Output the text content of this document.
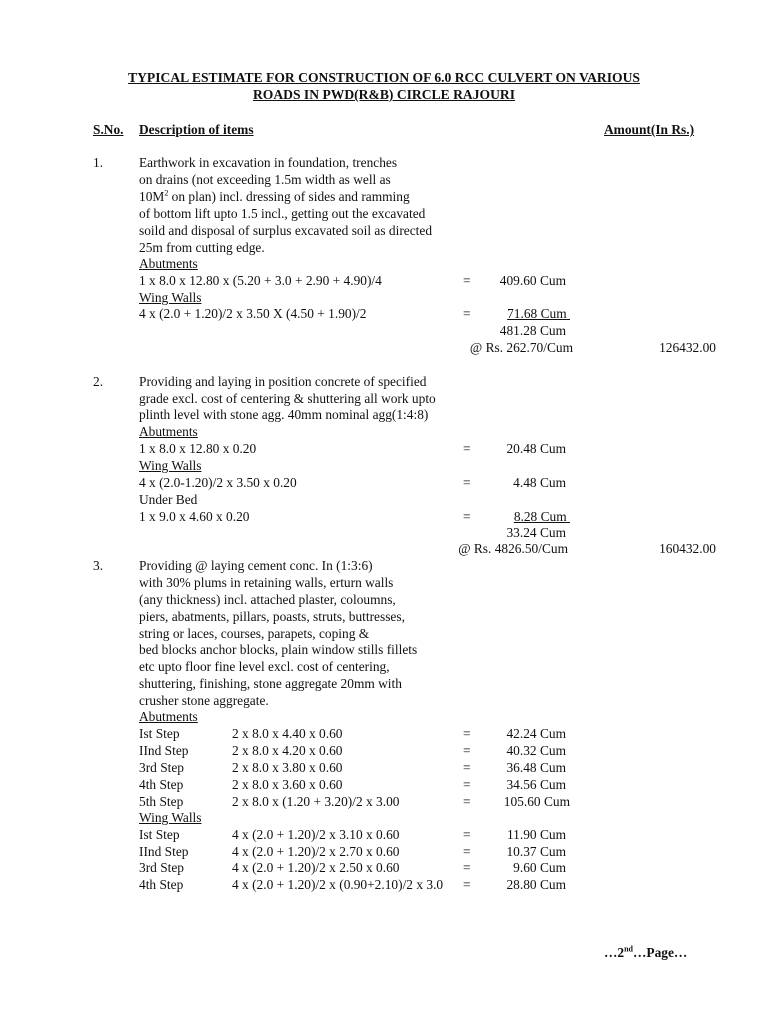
TYPICAL ESTIMATE FOR CONSTRUCTION OF 6.0 RCC CULVERT ON VARIOUS
ROADS IN PWD(R&B) CIRCLE RAJOURI
S.No. Description of items	Amount(In Rs.)
1.	Earthwork in excavation in foundation, trenches
on drains (not exceeding 1.5m width as well as
$10M^2$ on plan) incl. dressing of sides and ramming
of bottom lift upto 1.5 incl., getting out the excavated
soild and disposal of surplus excavated soil as directed
25m from cutting edge.
Abutments
1 x 8.0 x 12.80 x (5.20 + 3.0 + 2.90 + 4.90)/4	=	409.60 Cum
Wing Walls
4 x (2.0 + 1.20)/2 x 3.50 X (4.50 + 1.90)/2	=	71.68 Cum
481.28 Cum
@ Rs. 262.70/Cum	126432.00
2.	Providing and laying in position concrete of specified
grade excl. cost of centering & shuttering all work upto
plinth level with stone agg. 40mm nominal agg(1:4:8)
Abutments
1 x 8.0 x 12.80 x 0.20	=	20.48 Cum
Wing Walls
4 x (2.0-1.20)/2 x 3.50 x 0.20	=	4.48 Cum
Under Bed
1 x 9.0 x 4.60 x 0.20	=	8.28 Cum
33.24 Cum
@ Rs. 4826.50/Cum	160432.00
3.	Providing @ laying cement conc. In (1:3:6)
with 30% plums in retaining walls, erturn walls
(any thickness) incl. attached plaster, coloumns,
piers, abatments, pillars, poasts, struts, buttresses,
string or laces, courses, parapets, coping &
bed blocks anchor blocks, plain window stills fillets
etc upto floor fine level excl. cost of centering,
shuttering, finishing, stone aggregate 20mm with
crusher stone aggregate.
Abutments
Ist Step	2 x 8.0 x 4.40 x 0.60	=	42.24 Cum
IInd Step	2 x 8.0 x 4.20 x 0.60	=	40.32 Cum
3rd Step	2 x 8.0 x 3.80 x 0.60	=	36.48 Cum
4th Step	2 x 8.0 x 3.60 x 0.60	=	34.56 Cum
5th Step	2 x 8.0 x (1.20 + 3.20)/2 x 3.00	=	105.60 Cum
Wing Walls
Ist Step	4 x (2.0 + 1.20)/2 x 3.10 x 0.60	=	11.90 Cum
IInd Step	4 x (2.0 + 1.20)/2 x 2.70 x 0.60	=	10.37 Cum
3rd Step	4 x (2.0 + 1.20)/2 x 2.50 x 0.60	=	9.60 Cum
4th Step	4 x (2.0 + 1.20)/2 x (0.90+2.10)/2 x 3.0 =	28.80 Cum
…2nd…Page…
